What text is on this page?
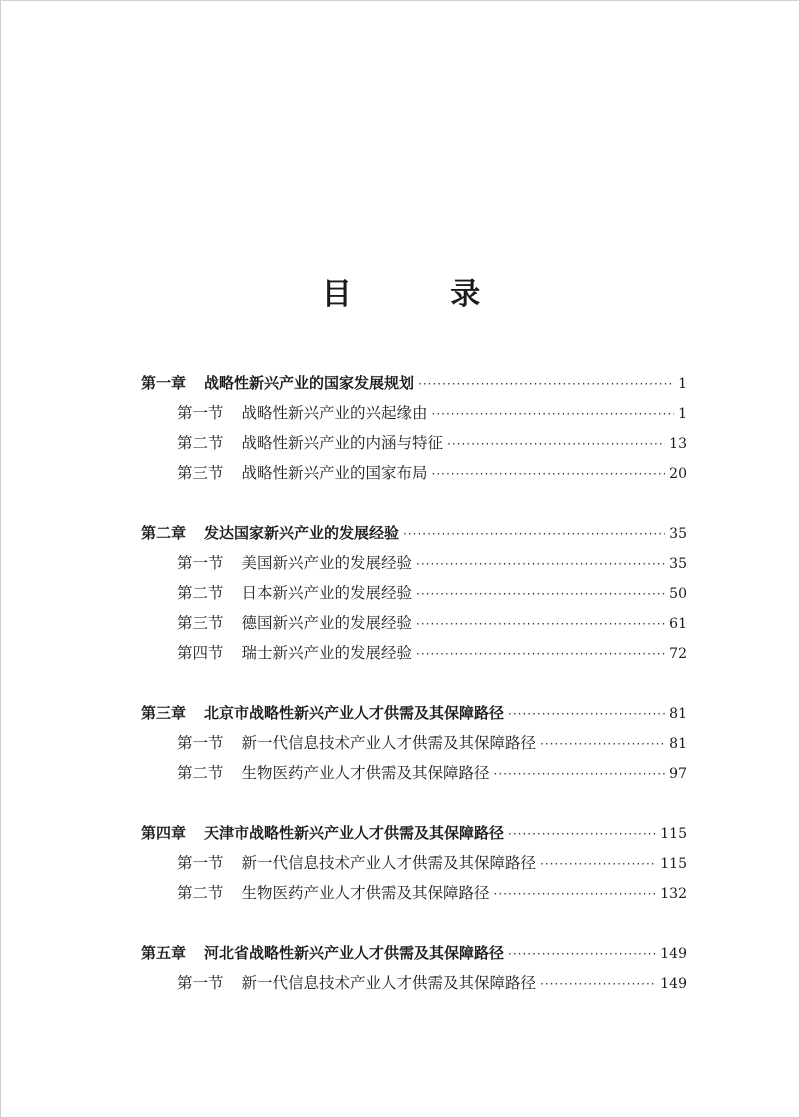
目 录
第一章 战略性新兴产业的国家发展规划 ·····	1
第一节 战略性新兴产业的兴起缘由 ·····	1
第二节 战略性新兴产业的内涵与特征 ·····	13
第三节 战略性新兴产业的国家布局 ·····	20
第二章 发达国家新兴产业的发展经验 ·····	35
第一节 美国新兴产业的发展经验 ·····	35
第二节 日本新兴产业的发展经验 ·····	50
第三节 德国新兴产业的发展经验 ·····	61
第四节 瑞士新兴产业的发展经验 ·····	72
第三章 北京市战略性新兴产业人才供需及其保障路径 ·····	81
第一节 新一代信息技术产业人才供需及其保障路径 ·····	81
第二节 生物医药产业人才供需及其保障路径 ·····	97
第四章 天津市战略性新兴产业人才供需及其保障路径 ·····	115
第一节 新一代信息技术产业人才供需及其保障路径 ·····	115
第二节 生物医药产业人才供需及其保障路径 ·····	132
第五章 河北省战略性新兴产业人才供需及其保障路径 ·····	149
第一节 新一代信息技术产业人才供需及其保障路径 ·····	149
